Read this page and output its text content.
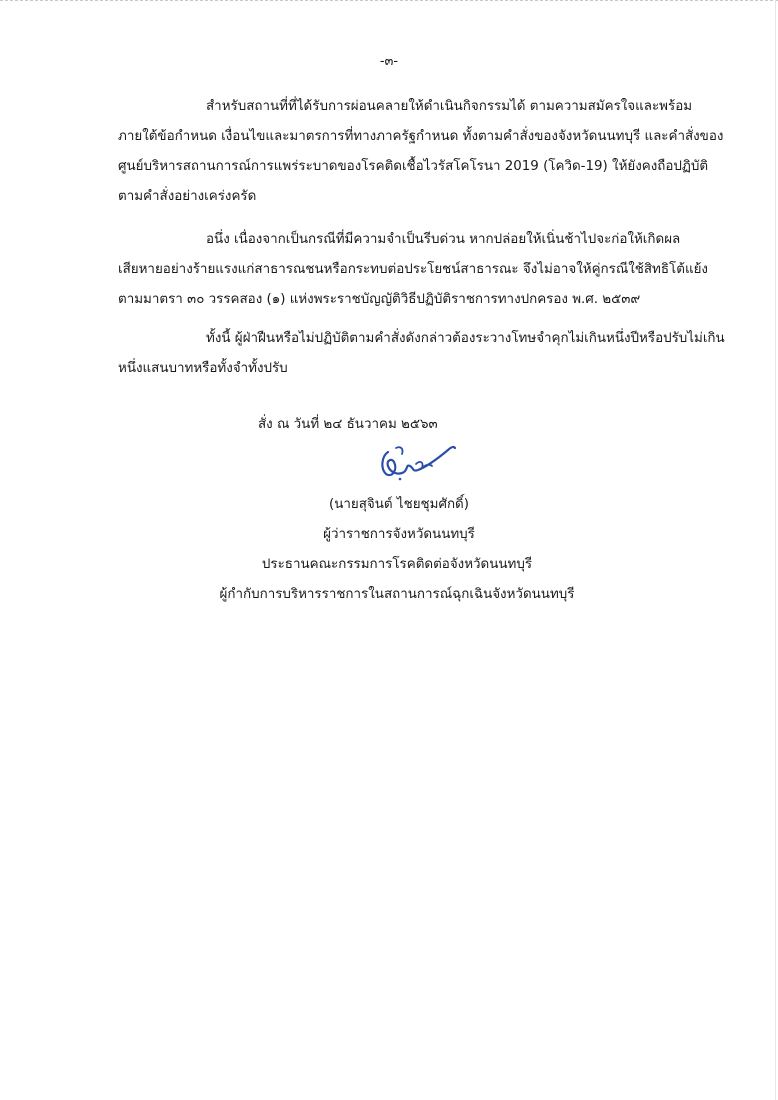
-๓-

สำหรับสถานที่ที่ได้รับการผ่อนคลายให้ดำเนินกิจกรรมได้ ตามความสมัครใจและพร้อม
ภายใต้ข้อกำหนด เงื่อนไขและมาตรการที่ทางภาครัฐกำหนด ทั้งตามคำสั่งของจังหวัดนนทบุรี และคำสั่งของ
ศูนย์บริหารสถานการณ์การแพร่ระบาดของโรคติดเชื้อไวรัสโคโรนา 2019 (โควิด-19) ให้ยังคงถือปฏิบัติ
ตามคำสั่งอย่างเคร่งครัด

อนึ่ง เนื่องจากเป็นกรณีที่มีความจำเป็นรีบด่วน หากปล่อยให้เนิ่นช้าไปจะก่อให้เกิดผล
เสียหายอย่างร้ายแรงแก่สาธารณชนหรือกระทบต่อประโยชน์สาธารณะ จึงไม่อาจให้คู่กรณีใช้สิทธิโต้แย้ง
ตามมาตรา ๓๐ วรรคสอง (๑) แห่งพระราชบัญญัติวิธีปฏิบัติราชการทางปกครอง พ.ศ. ๒๕๓๙

ทั้งนี้ ผู้ฝ่าฝืนหรือไม่ปฏิบัติตามคำสั่งดังกล่าวต้องระวางโทษจำคุกไม่เกินหนึ่งปีหรือปรับไม่เกิน
หนึ่งแสนบาทหรือทั้งจำทั้งปรับ

สั่ง ณ วันที่ ๒๔ ธันวาคม ๒๕๖๓
(นายสุจินต์ ไชยชุมศักดิ์)
ผู้ว่าราชการจังหวัดนนทบุรี
ประธานคณะกรรมการโรคติดต่อจังหวัดนนทบุรี
ผู้กำกับการบริหารราชการในสถานการณ์ฉุกเฉินจังหวัดนนทบุรี
